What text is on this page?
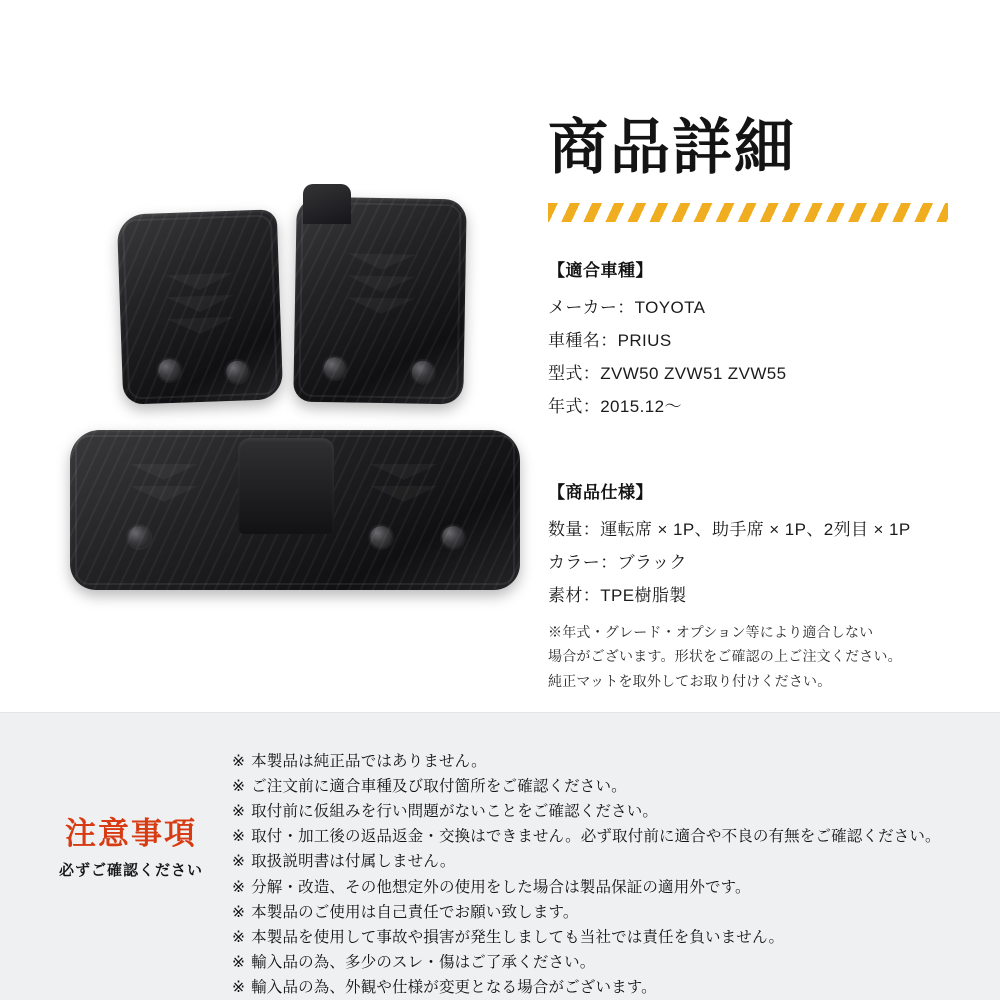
商品詳細
【適合車種】
メーカー：TOYOTA
車種名：PRIUS
型式：ZVW50 ZVW51 ZVW55
年式：2015.12〜
【商品仕様】
数量：運転席 × 1P、助手席 × 1P、2列目 × 1P
カラー：ブラック
素材：TPE樹脂製
※年式・グレード・オプション等により適合しない
場合がございます。形状をご確認の上ご注文ください。
純正マットを取外してお取り付けください。
注意事項
必ずご確認ください
※ 本製品は純正品ではありません。
※ ご注文前に適合車種及び取付箇所をご確認ください。
※ 取付前に仮組みを行い問題がないことをご確認ください。
※ 取付・加工後の返品返金・交換はできません。必ず取付前に適合や不良の有無をご確認ください。
※ 取扱説明書は付属しません。
※ 分解・改造、その他想定外の使用をした場合は製品保証の適用外です。
※ 本製品のご使用は自己責任でお願い致します。
※ 本製品を使用して事故や損害が発生しましても当社では責任を負いません。
※ 輸入品の為、多少のスレ・傷はご了承ください。
※ 輸入品の為、外観や仕様が変更となる場合がございます。
